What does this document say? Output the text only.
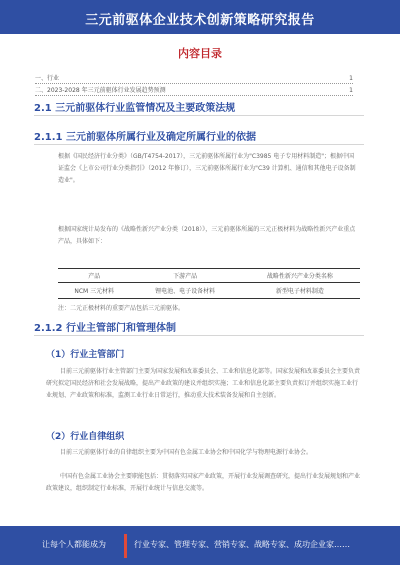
三元前驱体企业技术创新策略研究报告
内容目录
一、行业	1
二、2023-2028 年三元前驱体行业发展趋势预测	1
2.1 三元前驱体行业监管情况及主要政策法规
2.1.1 三元前驱体所属行业及确定所属行业的依据
根据《国民经济行业分类》（GB/T4754-2017），三元前驱体所属行业为"C3985 电子专用材料制造"；根据中国证监会《上市公司行业分类指引》（2012 年修订），三元前驱体所属行业为"C39 计算机、通信和其他电子设备制造业"。
根据国家统计局发布的《战略性新兴产业分类（2018）》，三元前驱体所属的三元正极材料为战略性新兴产业重点产品，具体如下：
产品	下游产品	战略性新兴产业分类名称
NCM 三元材料	锂电池、电子设备材料	新型电子材料制造
注：二元正极材料的重要产品包括三元前驱体。
2.1.2 行业主管部门和管理体制
（1）行业主管部门
目前三元前驱体行业主管部门主要为国家发展和改革委员会、工业和信息化部等。国家发展和改革委员会主要负责研究拟定国民经济和社会发展战略，提出产业政策的建议并组织实施；工业和信息化部主要负责拟订并组织实施工业行业规划、产业政策和标准，监测工业行业日常运行，推动重大技术装备发展和自主创新。
（2）行业自律组织
目前三元前驱体行业的自律组织主要为中国有色金属工业协会和中国化学与物理电源行业协会。
中国有色金属工业协会主要职能包括：贯彻落实国家产业政策，开展行业发展调查研究，提出行业发展规划和产业政策建议，组织制定行业标准，开展行业统计与信息交流等。
让每个人都能成为	行业专家、管理专家、营销专家、战略专家、成功企业家……
